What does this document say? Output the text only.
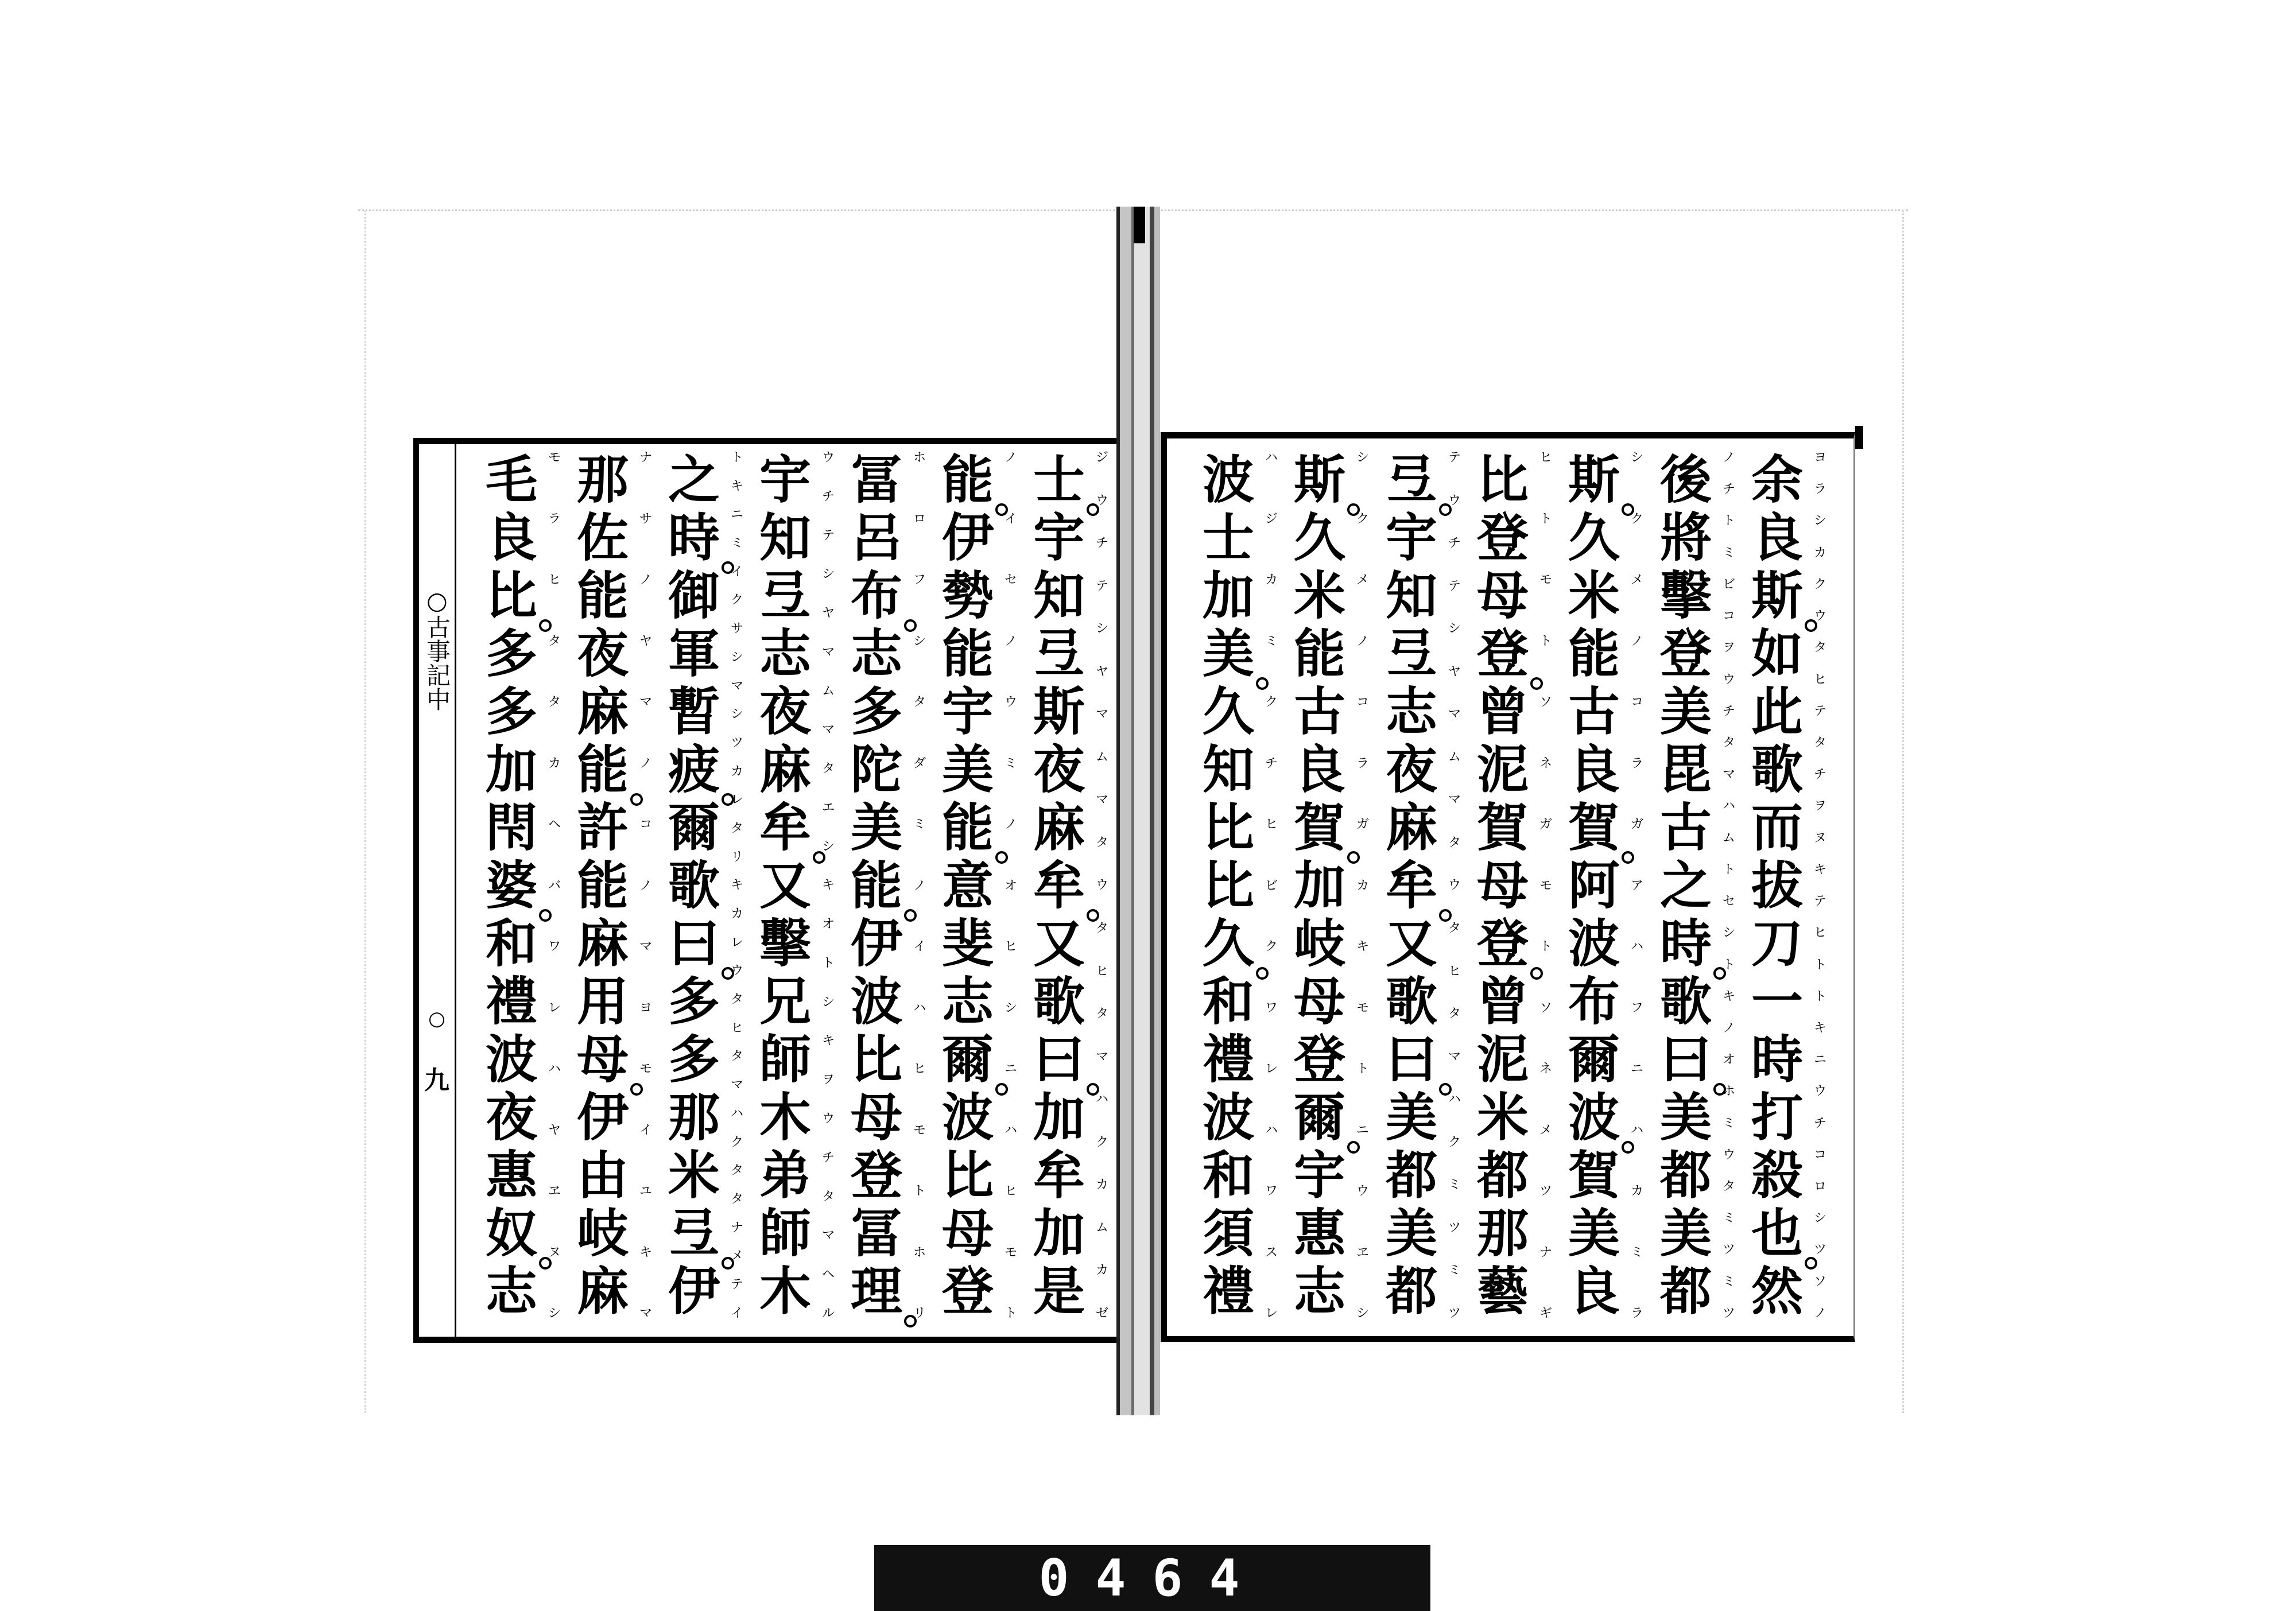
○古事記中
○
九
士
宇
知
弖
斯
夜
麻
牟
又
歌
曰
加
牟
加
是
ジ
ウ
チ
テ
シ
ヤ
マ
ム
マ
タ
ウ
タ
ヒ
タ
マ
ハ
ク
カ
ム
カ
ゼ
能
伊
勢
能
宇
美
能
意
斐
志
爾
波
比
母
登
ノ
イ
セ
ノ
ウ
ミ
ノ
オ
ヒ
シ
ニ
ハ
ヒ
モ
ト
冨
呂
布
志
多
陀
美
能
伊
波
比
母
登
冨
理
ホ
ロ
フ
シ
タ
ダ
ミ
ノ
イ
ハ
ヒ
モ
ト
ホ
リ
宇
知
弖
志
夜
麻
牟
又
擊
兄
師
木
弟
師
木
ウ
チ
テ
シ
ヤ
マ
ム
マ
タ
エ
シ
キ
オ
ト
シ
キ
ヲ
ウ
チ
タ
マ
ヘ
ル
之
時
御
軍
暫
疲
爾
歌
曰
多
多
那
米
弖
伊
ト
キ
ニ
ミ
イ
ク
サ
シ
マ
シ
ツ
カ
レ
タ
リ
キ
カ
レ
ウ
タ
ヒ
タ
マ
ハ
ク
タ
タ
ナ
メ
テ
イ
那
佐
能
夜
麻
能
許
能
麻
用
母
伊
由
岐
麻
ナ
サ
ノ
ヤ
マ
ノ
コ
ノ
マ
ヨ
モ
イ
ユ
キ
マ
毛
良
比
多
多
加
閇
婆
和
禮
波
夜
惠
奴
志
モ
ラ
ヒ
タ
タ
カ
ヘ
バ
ワ
レ
ハ
ヤ
ヱ
ヌ
シ
余
良
斯
如
此
歌
而
拔
刀
一
時
打
殺
也
然
ヨ
ラ
シ
カ
ク
ウ
タ
ヒ
テ
タ
チ
ヲ
ヌ
キ
テ
ヒ
ト
ト
キ
ニ
ウ
チ
コ
ロ
シ
ツ
ソ
ノ
後
將
擊
登
美
毘
古
之
時
歌
曰
美
都
美
都
ノ
チ
ト
ミ
ビ
コ
ヲ
ウ
チ
タ
マ
ハ
ム
ト
セ
シ
ト
キ
ノ
オ
ホ
ミ
ウ
タ
ミ
ツ
ミ
ツ
斯
久
米
能
古
良
賀
阿
波
布
爾
波
賀
美
良
シ
ク
メ
ノ
コ
ラ
ガ
ア
ハ
フ
ニ
ハ
カ
ミ
ラ
比
登
母
登
曾
泥
賀
母
登
曾
泥
米
都
那
藝
ヒ
ト
モ
ト
ソ
ネ
ガ
モ
ト
ソ
ネ
メ
ツ
ナ
ギ
弖
宇
知
弖
志
夜
麻
牟
又
歌
曰
美
都
美
都
テ
ウ
チ
テ
シ
ヤ
マ
ム
マ
タ
ウ
タ
ヒ
タ
マ
ハ
ク
ミ
ツ
ミ
ツ
斯
久
米
能
古
良
賀
加
岐
母
登
爾
宇
惠
志
シ
ク
メ
ノ
コ
ラ
ガ
カ
キ
モ
ト
ニ
ウ
ヱ
シ
波
士
加
美
久
知
比
比
久
和
禮
波
和
須
禮
ハ
ジ
カ
ミ
ク
チ
ヒ
ビ
ク
ワ
レ
ハ
ワ
ス
レ
0464
